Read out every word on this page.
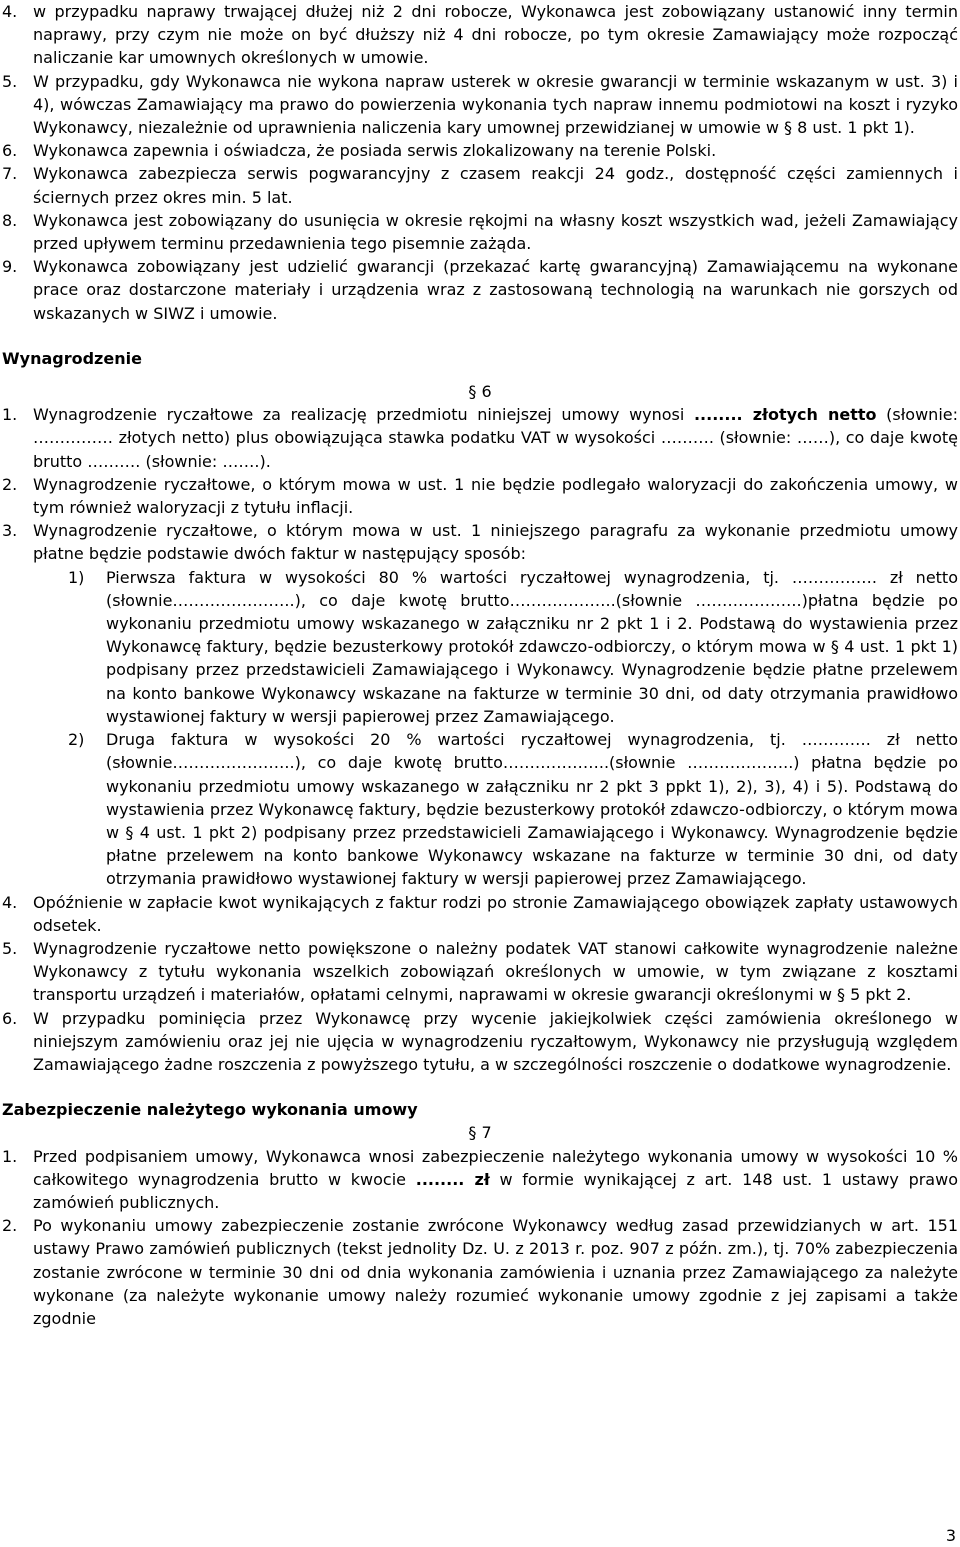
4. w przypadku naprawy trwającej dłużej niż 2 dni robocze, Wykonawca jest zobowiązany ustanowić inny termin naprawy, przy czym nie może on być dłuższy niż 4 dni robocze, po tym okresie Zamawiający może rozpocząć naliczanie kar umownych określonych w umowie.

5. W przypadku, gdy Wykonawca nie wykona napraw usterek w okresie gwarancji w terminie wskazanym w ust. 3) i 4), wówczas Zamawiający ma prawo do powierzenia wykonania tych napraw innemu podmiotowi na koszt i ryzyko Wykonawcy, niezależnie od uprawnienia naliczenia kary umownej przewidzianej w umowie w § 8 ust. 1 pkt 1).

6. Wykonawca zapewnia i oświadcza, że posiada serwis zlokalizowany na terenie Polski.

7. Wykonawca zabezpiecza serwis pogwarancyjny z czasem reakcji 24 godz., dostępność części zamiennych i ściernych przez okres min. 5 lat.

8. Wykonawca jest zobowiązany do usunięcia w okresie rękojmi na własny koszt wszystkich wad, jeżeli Zamawiający przed upływem terminu przedawnienia tego pisemnie zażąda.

9. Wykonawca zobowiązany jest udzielić gwarancji (przekazać kartę gwarancyjną) Zamawiającemu na wykonane prace oraz dostarczone materiały i urządzenia wraz z zastosowaną technologią na warunkach nie gorszych od wskazanych w SIWZ i umowie.

Wynagrodzenie

§ 6

1. Wynagrodzenie ryczałtowe za realizację przedmiotu niniejszej umowy wynosi ........ złotych netto (słownie: …………… złotych netto) plus obowiązująca stawka podatku VAT w wysokości ………. (słownie: ……), co daje kwotę brutto ………. (słownie: …….).

2. Wynagrodzenie ryczałtowe, o którym mowa w ust. 1 nie będzie podlegało waloryzacji do zakończenia umowy, w tym również waloryzacji z tytułu inflacji.

3. Wynagrodzenie ryczałtowe, o którym mowa w ust. 1 niniejszego paragrafu za wykonanie przedmiotu umowy płatne będzie podstawie dwóch faktur w następujący sposób:

1) Pierwsza faktura w wysokości 80 % wartości ryczałtowej wynagrodzenia, tj. ……………. zł netto (słownie…………………..), co daje kwotę brutto………………..(słownie ………………..)płatna będzie po wykonaniu przedmiotu umowy wskazanego w załączniku nr 2 pkt 1 i 2. Podstawą do wystawienia przez Wykonawcę faktury, będzie bezusterkowy protokół zdawczo-odbiorczy, o którym mowa w § 4 ust. 1 pkt 1) podpisany przez przedstawicieli Zamawiającego i Wykonawcy. Wynagrodzenie będzie płatne przelewem na konto bankowe Wykonawcy wskazane na fakturze w terminie 30 dni, od daty otrzymania prawidłowo wystawionej faktury w wersji papierowej przez Zamawiającego.

2) Druga faktura w wysokości 20 % wartości ryczałtowej wynagrodzenia, tj. …………. zł netto (słownie…………………..), co daje kwotę brutto………………..(słownie ………………..) płatna będzie po wykonaniu przedmiotu umowy wskazanego w załączniku nr 2 pkt 3 ppkt 1), 2), 3), 4) i 5). Podstawą do wystawienia przez Wykonawcę faktury, będzie bezusterkowy protokół zdawczo-odbiorczy, o którym mowa w § 4 ust. 1 pkt 2) podpisany przez przedstawicieli Zamawiającego i Wykonawcy. Wynagrodzenie będzie płatne przelewem na konto bankowe Wykonawcy wskazane na fakturze w terminie 30 dni, od daty otrzymania prawidłowo wystawionej faktury w wersji papierowej przez Zamawiającego.

4. Opóźnienie w zapłacie kwot wynikających z faktur rodzi po stronie Zamawiającego obowiązek zapłaty ustawowych odsetek.

5. Wynagrodzenie ryczałtowe netto powiększone o należny podatek VAT stanowi całkowite wynagrodzenie należne Wykonawcy z tytułu wykonania wszelkich zobowiązań określonych w umowie, w tym związane z kosztami transportu urządzeń i materiałów, opłatami celnymi, naprawami w okresie gwarancji określonymi w § 5 pkt 2.

6. W przypadku pominięcia przez Wykonawcę przy wycenie jakiejkolwiek części zamówienia określonego w niniejszym zamówieniu oraz jej nie ujęcia w wynagrodzeniu ryczałtowym, Wykonawcy nie przysługują względem Zamawiającego żadne roszczenia z powyższego tytułu, a w szczególności roszczenie o dodatkowe wynagrodzenie.

Zabezpieczenie należytego wykonania umowy

§ 7

1. Przed podpisaniem umowy, Wykonawca wnosi zabezpieczenie należytego wykonania umowy w wysokości 10 % całkowitego wynagrodzenia brutto w kwocie ........ zł w formie wynikającej z art. 148 ust. 1 ustawy prawo zamówień publicznych.

2. Po wykonaniu umowy zabezpieczenie zostanie zwrócone Wykonawcy według zasad przewidzianych w art. 151 ustawy Prawo zamówień publicznych (tekst jednolity Dz. U. z 2013 r. poz. 907 z późn. zm.), tj. 70% zabezpieczenia zostanie zwrócone w terminie 30 dni od dnia wykonania zamówienia i uznania przez Zamawiającego za należyte wykonane (za należyte wykonanie umowy należy rozumieć wykonanie umowy zgodnie z jej zapisami a także zgodnie

3
